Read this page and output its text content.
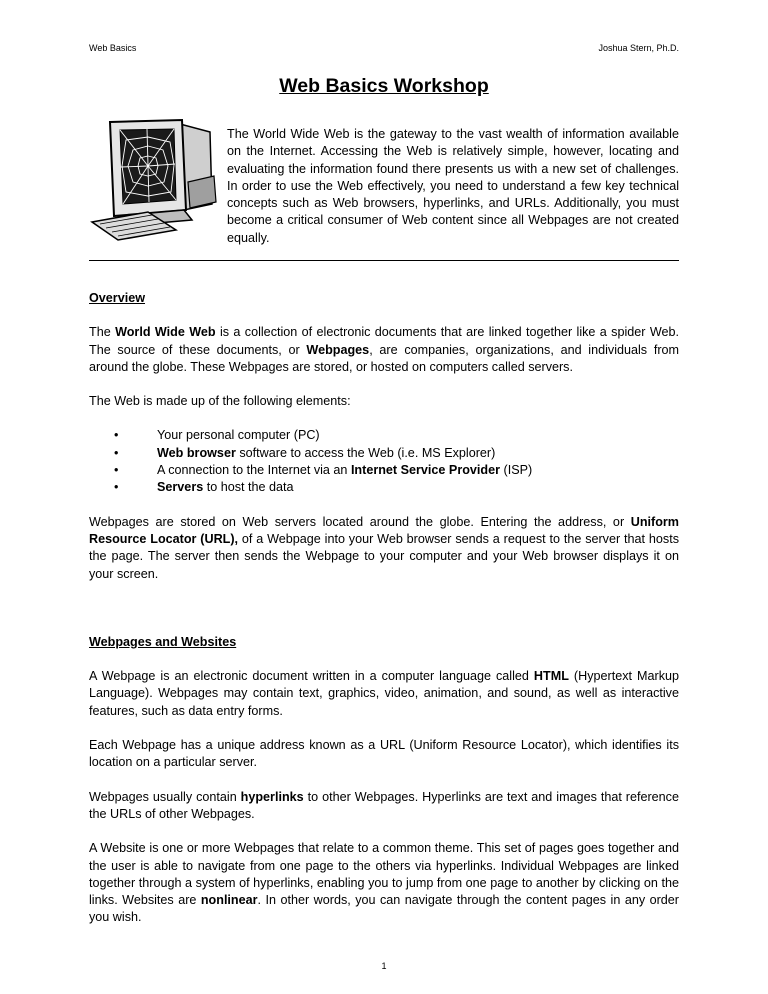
Web Basics	Joshua Stern, Ph.D.
Web Basics Workshop

The World Wide Web is the gateway to the vast wealth of information available on the Internet. Accessing the Web is relatively simple, however, locating and evaluating the information found there presents us with a new set of challenges. In order to use the Web effectively, you need to understand a few key technical concepts such as Web browsers, hyperlinks, and URLs. Additionally, you must become a critical consumer of Web content since all Webpages are not created equally.

Overview

The World Wide Web is a collection of electronic documents that are linked together like a spider Web. The source of these documents, or Webpages, are companies, organizations, and individuals from around the globe. These Webpages are stored, or hosted on computers called servers.

The Web is made up of the following elements:

•	Your personal computer (PC)
•	Web browser software to access the Web (i.e. MS Explorer)
•	A connection to the Internet via an Internet Service Provider (ISP)
•	Servers to host the data

Webpages are stored on Web servers located around the globe. Entering the address, or Uniform Resource Locator (URL), of a Webpage into your Web browser sends a request to the server that hosts the page. The server then sends the Webpage to your computer and your Web browser displays it on your screen.

Webpages and Websites

A Webpage is an electronic document written in a computer language called HTML (Hypertext Markup Language). Webpages may contain text, graphics, video, animation, and sound, as well as interactive features, such as data entry forms.

Each Webpage has a unique address known as a URL (Uniform Resource Locator), which identifies its location on a particular server.

Webpages usually contain hyperlinks to other Webpages. Hyperlinks are text and images that reference the URLs of other Webpages.

A Website is one or more Webpages that relate to a common theme. This set of pages goes together and the user is able to navigate from one page to the others via hyperlinks. Individual Webpages are linked together through a system of hyperlinks, enabling you to jump from one page to another by clicking on the links. Websites are nonlinear. In other words, you can navigate through the content pages in any order you wish.

1
